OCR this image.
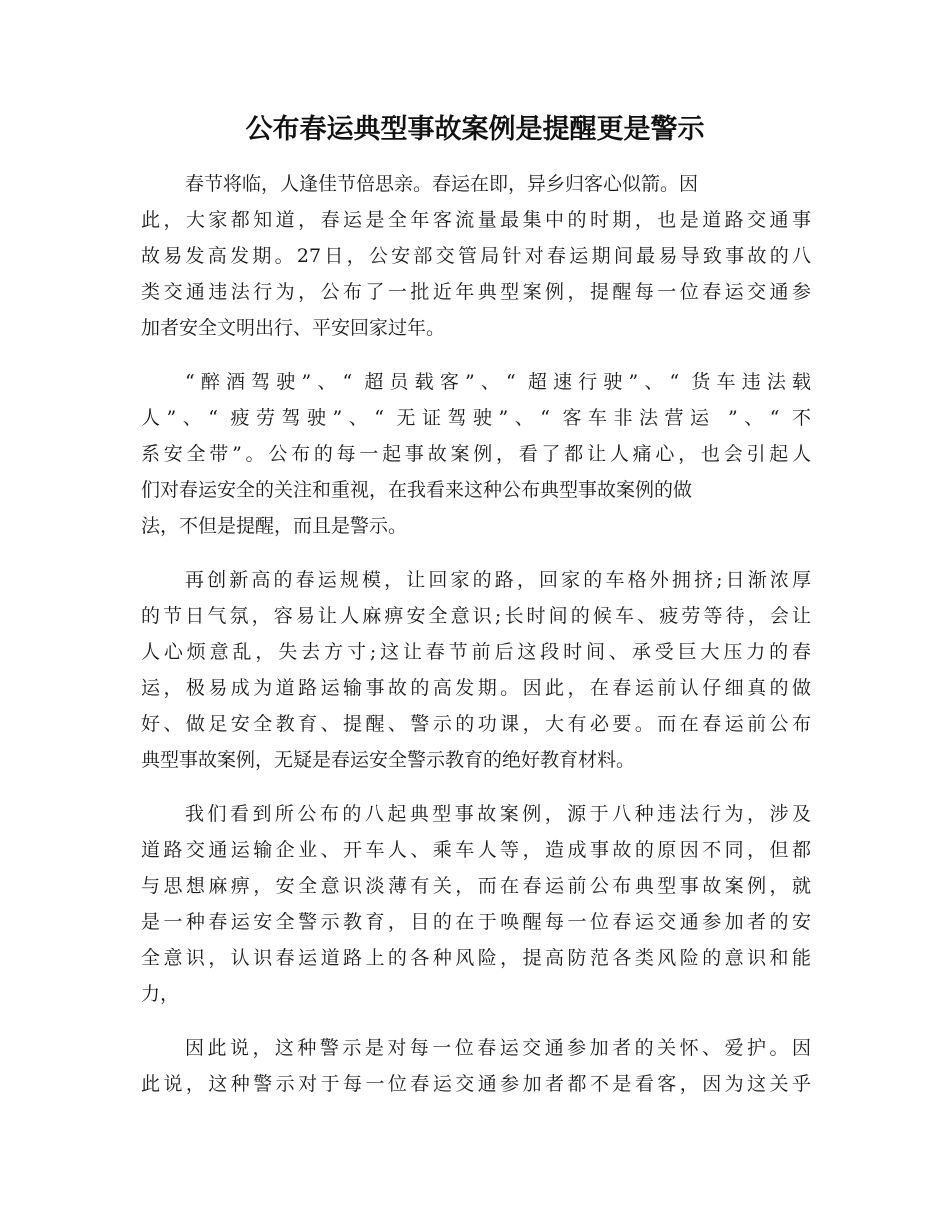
公布春运典型事故案例是提醒更是警示

春节将临，人逢佳节倍思亲。春运在即，异乡归客心似箭。因
此，大家都知道，春运是全年客流量最集中的时期，也是道路交通事
故易发高发期。27日，公安部交管局针对春运期间最易导致事故的八
类交通违法行为，公布了一批近年典型案例，提醒每一位春运交通参
加者安全文明出行、平安回家过年。

“醉酒驾驶”、“ 超员载客”、“ 超速行驶”、“ 货车违法载
人”、“ 疲劳驾驶”、“ 无证驾驶”、“ 客车非法营运 ”、“ 不
系安全带”。公布的每一起事故案例，看了都让人痛心，也会引起人
们对春运安全的关注和重视，在我看来这种公布典型事故案例的做
法，不但是提醒，而且是警示。

再创新高的春运规模，让回家的路，回家的车格外拥挤;日渐浓厚
的节日气氛，容易让人麻痹安全意识;长时间的候车、疲劳等待，会让
人心烦意乱，失去方寸;这让春节前后这段时间、承受巨大压力的春
运，极易成为道路运输事故的高发期。因此，在春运前认仔细真的做
好、做足安全教育、提醒、警示的功课，大有必要。而在春运前公布
典型事故案例，无疑是春运安全警示教育的绝好教育材料。

我们看到所公布的八起典型事故案例，源于八种违法行为，涉及
道路交通运输企业、开车人、乘车人等，造成事故的原因不同，但都
与思想麻痹，安全意识淡薄有关，而在春运前公布典型事故案例，就
是一种春运安全警示教育，目的在于唤醒每一位春运交通参加者的安
全意识，认识春运道路上的各种风险，提高防范各类风险的意识和能
力，

因此说，这种警示是对每一位春运交通参加者的关怀、爱护。因
此说，这种警示对于每一位春运交通参加者都不是看客，因为这关乎
